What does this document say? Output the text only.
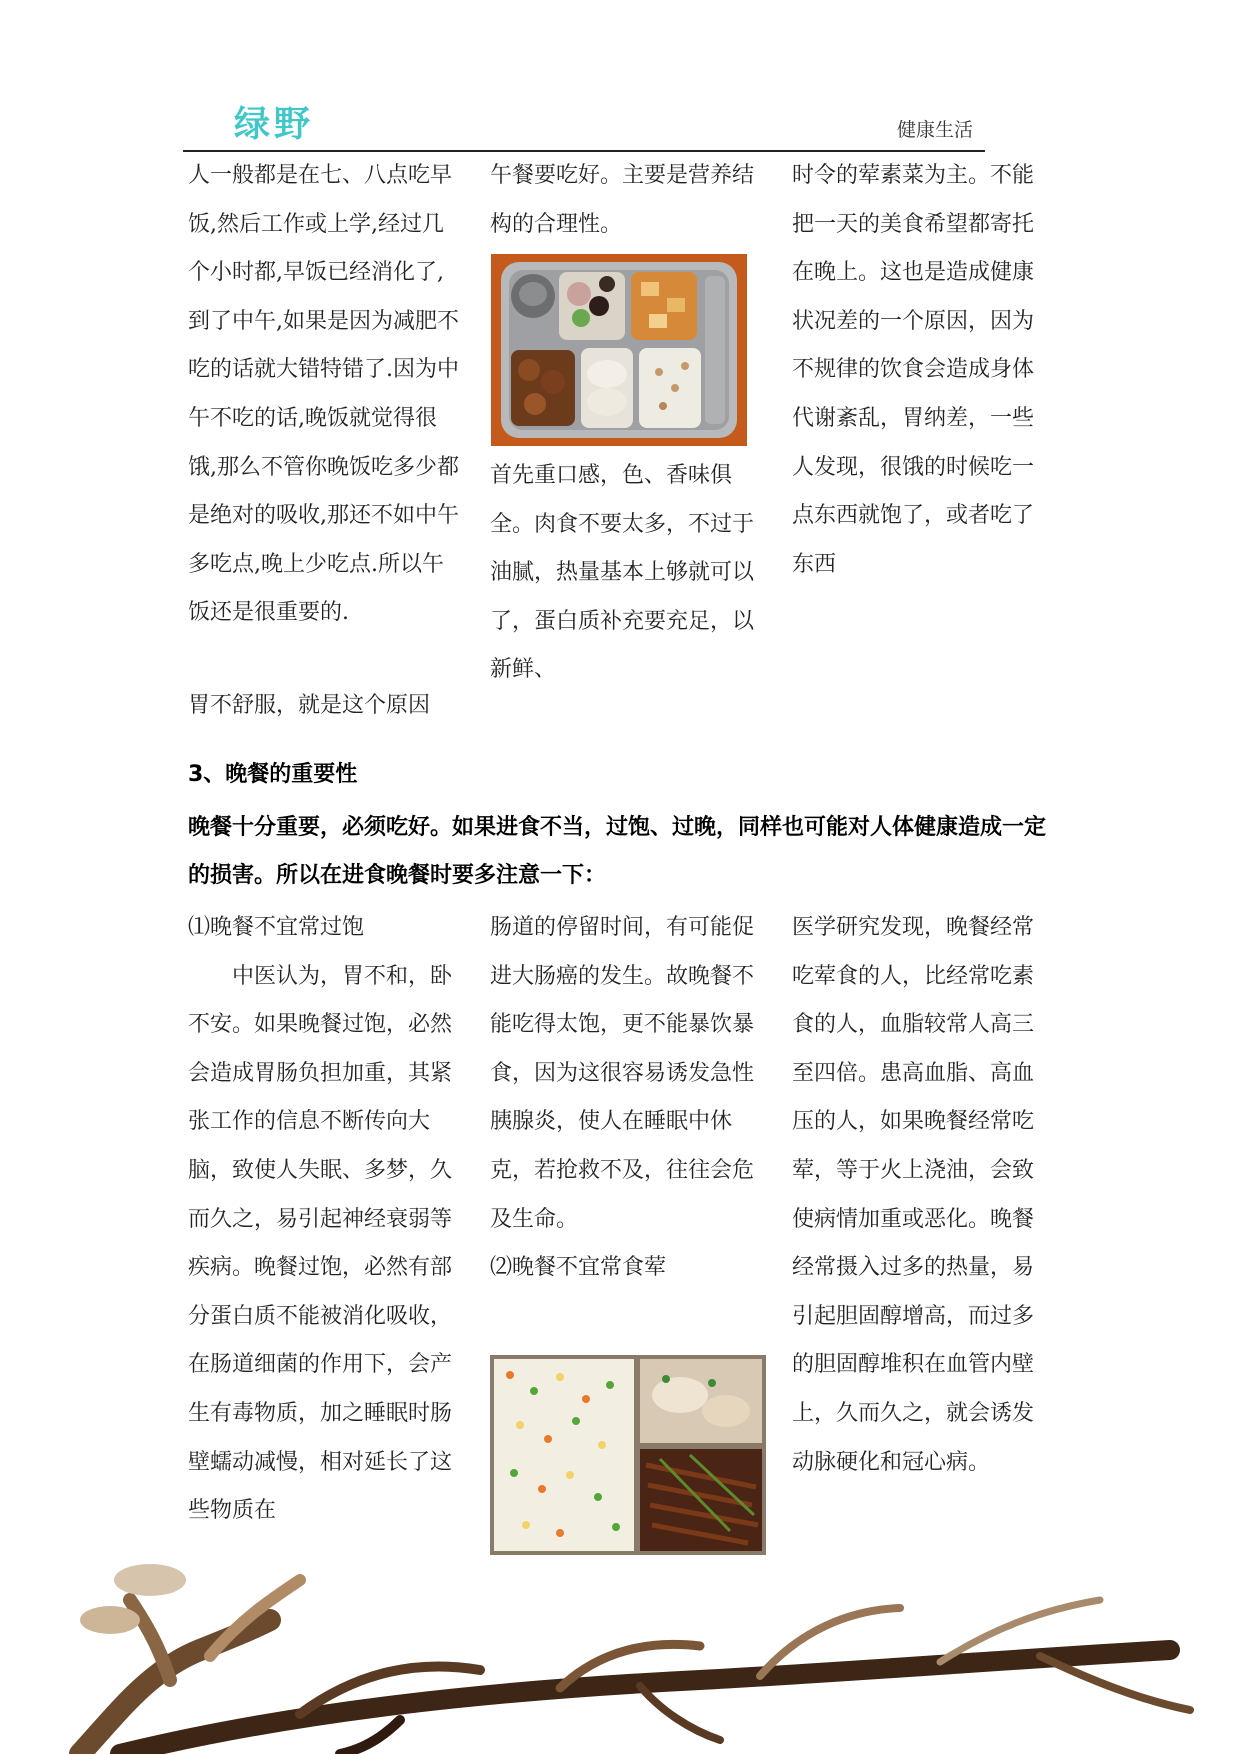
绿野	健康生活

人一般都是在七、八点吃早饭,然后工作或上学,经过几个小时都,早饭已经消化了,到了中午,如果是因为减肥不吃的话就大错特错了.因为中午不吃的话,晚饭就觉得很饿,那么不管你晚饭吃多少都是绝对的吸收,那还不如中午多吃点,晚上少吃点.所以午饭还是很重要的.

胃不舒服，就是这个原因

午餐要吃好。主要是营养结构的合理性。

首先重口感，色、香味俱全。肉食不要太多，不过于油腻，热量基本上够就可以了，蛋白质补充要充足，以新鲜、

时令的荤素菜为主。不能把一天的美食希望都寄托在晚上。这也是造成健康状况差的一个原因，因为不规律的饮食会造成身体代谢紊乱，胃纳差，一些人发现，很饿的时候吃一点东西就饱了，或者吃了东西

3、晚餐的重要性

晚餐十分重要，必须吃好。如果进食不当，过饱、过晚，同样也可能对人体健康造成一定的损害。所以在进食晚餐时要多注意一下：

⑴晚餐不宜常过饱

中医认为，胃不和，卧不安。如果晚餐过饱，必然会造成胃肠负担加重，其紧张工作的信息不断传向大脑，致使人失眠、多梦，久而久之，易引起神经衰弱等疾病。晚餐过饱，必然有部分蛋白质不能被消化吸收，在肠道细菌的作用下，会产生有毒物质，加之睡眠时肠壁蠕动减慢，相对延长了这些物质在

肠道的停留时间，有可能促进大肠癌的发生。故晚餐不能吃得太饱，更不能暴饮暴食，因为这很容易诱发急性胰腺炎，使人在睡眠中休克，若抢救不及，往往会危及生命。

⑵晚餐不宜常食荤

医学研究发现，晚餐经常吃荤食的人，比经常吃素食的人，血脂较常人高三至四倍。患高血脂、高血压的人，如果晚餐经常吃荤，等于火上浇油，会致使病情加重或恶化。晚餐经常摄入过多的热量，易引起胆固醇增高，而过多的胆固醇堆积在血管内壁上，久而久之，就会诱发动脉硬化和冠心病。
